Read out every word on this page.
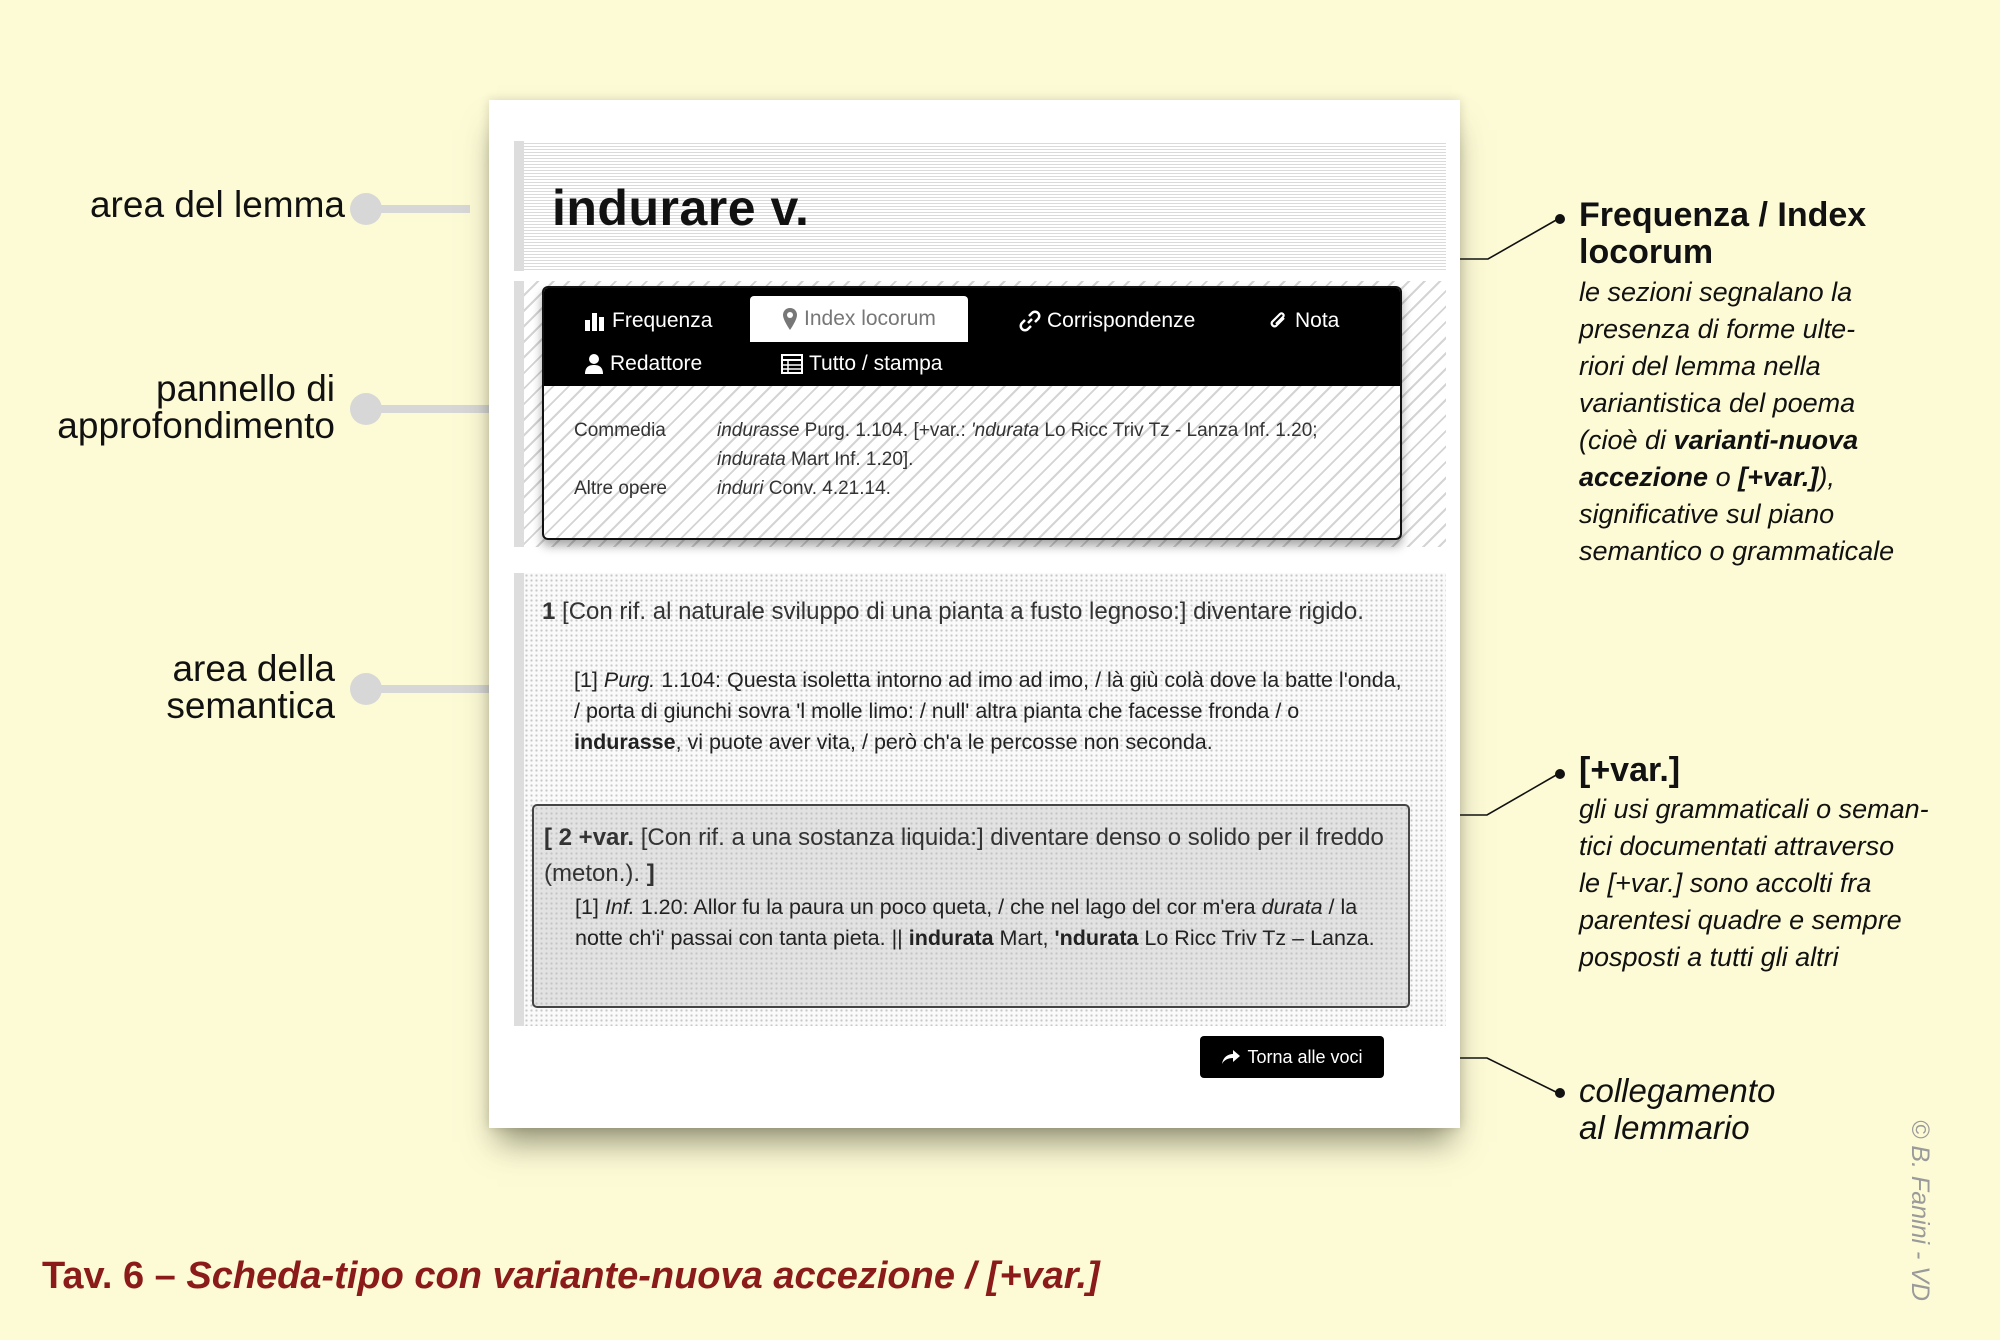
area del lemma
pannello di
approfondimento
area della
semantica
indurare v.
Frequenza	Index locorum	Corrispondenze	Nota
Redattore	Tutto / stampa
Commedia	indurasse Purg. 1.104. [+var.: 'ndurata Lo Ricc Triv Tz - Lanza Inf. 1.20; indurata Mart Inf. 1.20].
Altre opere	induri Conv. 4.21.14.
1 [Con rif. al naturale sviluppo di una pianta a fusto legnoso:] diventare rigido.
[1] Purg. 1.104: Questa isoletta intorno ad imo ad imo, / là giù colà dove la batte l'onda, / porta di giunchi sovra 'l molle limo: / null' altra pianta che facesse fronda / o indurasse, vi puote aver vita, / però ch'a le percosse non seconda.
[ 2 +var. [Con rif. a una sostanza liquida:] diventare denso o solido per il freddo (meton.). ]
[1] Inf. 1.20: Allor fu la paura un poco queta, / che nel lago del cor m'era durata / la notte ch'i' passai con tanta pieta. || indurata Mart, 'ndurata Lo Ricc Triv Tz – Lanza.
Torna alle voci
Frequenza / Index
locorum
le sezioni segnalano la
presenza di forme ulte-
riori del lemma nella
variantistica del poema
(cioè di varianti-nuova
accezione o [+var.]),
significative sul piano
semantico o grammaticale
[+var.]
gli usi grammaticali o seman-
tici documentati attraverso
le [+var.] sono accolti fra
parentesi quadre e sempre
posposti a tutti gli altri
collegamento
al lemmario
Tav. 6 – Scheda-tipo con variante-nuova accezione / [+var.]	© B. Fanini - VD
